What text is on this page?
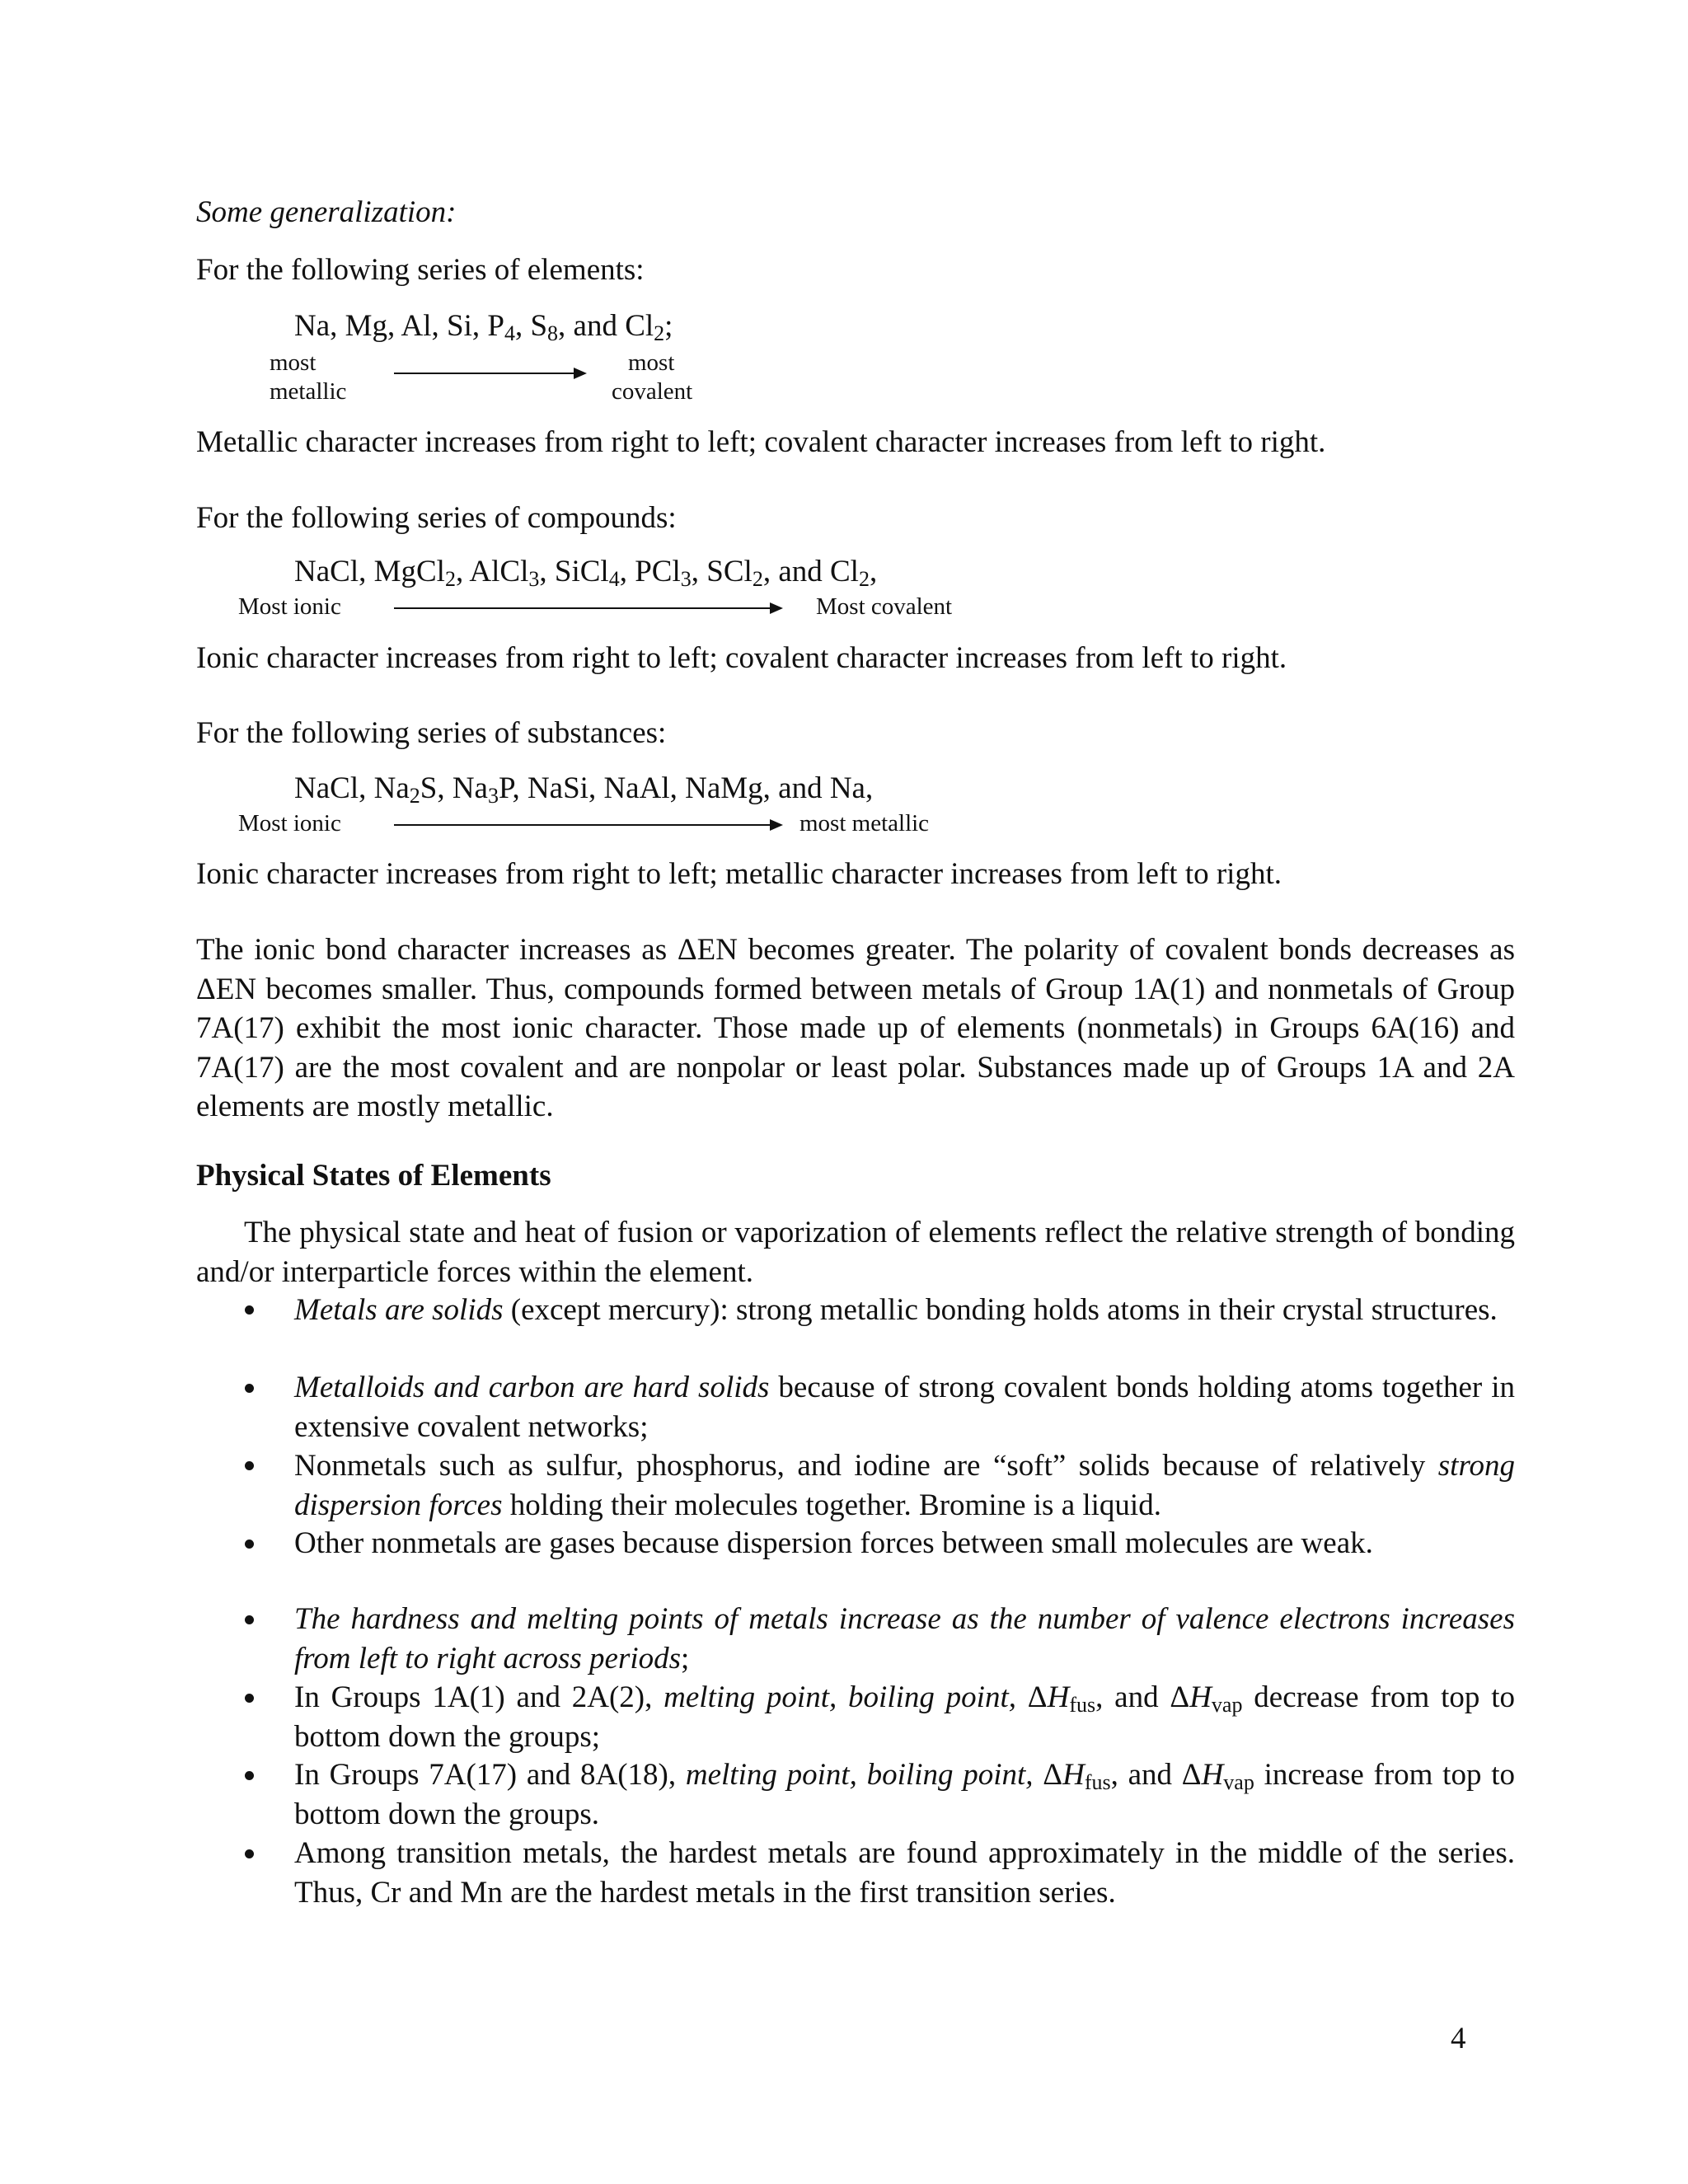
Some generalization:
For the following series of elements:
Na, Mg, Al, Si, $P_4$, $S_8$, and $Cl_2$;
most
metallic
most
covalent
Metallic character increases from right to left; covalent character increases from left to right.
For the following series of compounds:
NaCl, MgCl$_2$, AlCl$_3$, SiCl$_4$, PCl$_3$, SCl$_2$, and $Cl_2$,
Most ionic	Most covalent
Ionic character increases from right to left; covalent character increases from left to right.
For the following series of substances:
NaCl, $Na_2S$, $Na_3P$, NaSi, NaAl, NaMg, and Na,
Most ionic	most metallic
Ionic character increases from right to left; metallic character increases from left to right.
The ionic bond character increases as ΔEN becomes greater. The polarity of covalent bonds decreases as ΔEN becomes smaller. Thus, compounds formed between metals of Group 1A(1) and nonmetals of Group 7A(17) exhibit the most ionic character. Those made up of elements (nonmetals) in Groups 6A(16) and 7A(17) are the most covalent and are nonpolar or least polar. Substances made up of Groups 1A and 2A elements are mostly metallic.
Physical States of Elements
The physical state and heat of fusion or vaporization of elements reflect the relative strength of bonding and/or interparticle forces within the element.
Metals are solids (except mercury): strong metallic bonding holds atoms in their crystal structures.
Metalloids and carbon are hard solids because of strong covalent bonds holding atoms together in extensive covalent networks;
Nonmetals such as sulfur, phosphorus, and iodine are “soft” solids because of relatively strong dispersion forces holding their molecules together. Bromine is a liquid.
Other nonmetals are gases because dispersion forces between small molecules are weak.
The hardness and melting points of metals increase as the number of valence electrons increases from left to right across periods;
In Groups 1A(1) and 2A(2), melting point, boiling point, $\Delta H_{fus}$, and $\Delta H_{vap}$ decrease from top to bottom down the groups;
In Groups 7A(17) and 8A(18), melting point, boiling point, $\Delta H_{fus}$, and $\Delta H_{vap}$ increase from top to bottom down the groups.
Among transition metals, the hardest metals are found approximately in the middle of the series. Thus, Cr and Mn are the hardest metals in the first transition series.
4
